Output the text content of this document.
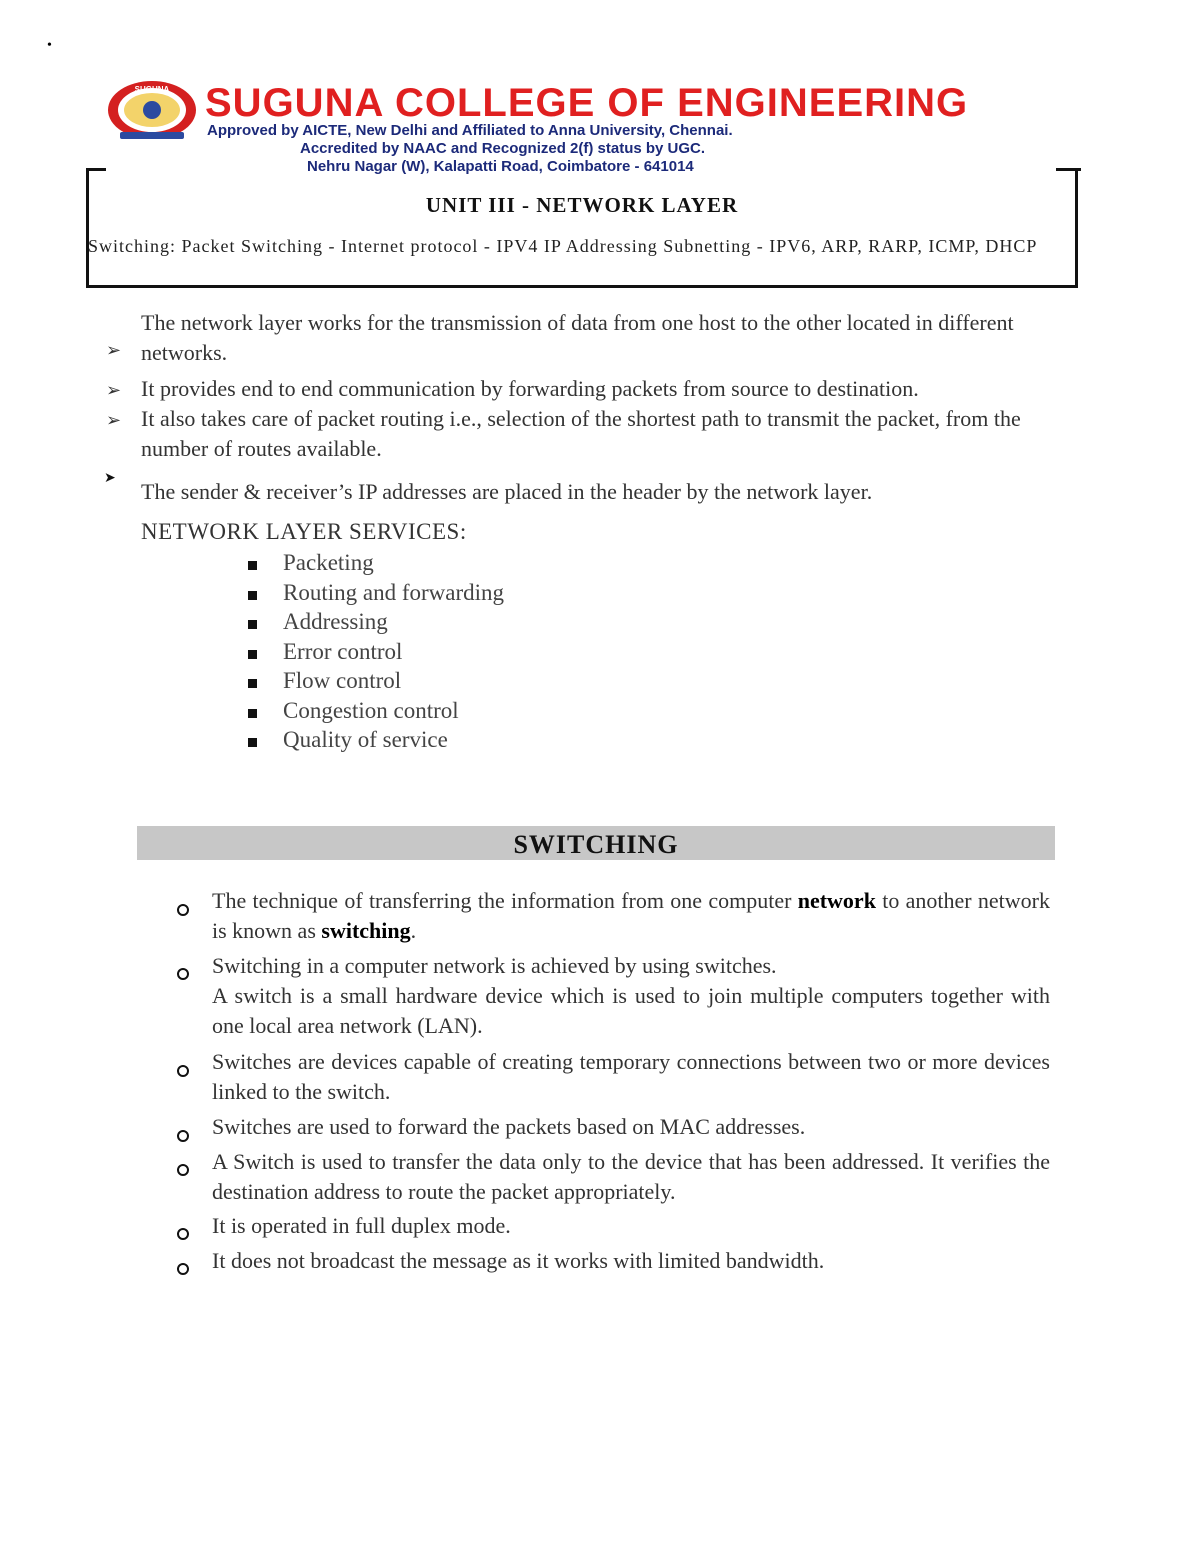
•
SUGUNA SUGUNA COLLEGE OF ENGINEERING
Approved by AICTE, New Delhi and Affiliated to Anna University, Chennai.
Accredited by NAAC and Recognized 2(f) status by UGC.
Nehru Nagar (W), Kalapatti Road, Coimbatore - 641014
UNIT III - NETWORK LAYER
Switching: Packet Switching - Internet protocol - IPV4 IP Addressing Subnetting - IPV6, ARP, RARP, ICMP, DHCP
➢
The network layer works for the transmission of data from one host to the other located in different networks.
➢ It provides end to end communication by forwarding packets from source to destination.
➢ It also takes care of packet routing i.e., selection of the shortest path to transmit the packet, from the number of routes available.
➤
The sender & receiver’s IP addresses are placed in the header by the network layer.
NETWORK LAYER SERVICES:
Packeting
Routing and forwarding
Addressing
Error control
Flow control
Congestion control
Quality of service
SWITCHING
The technique of transferring the information from one computer network to another network is known as switching.
Switching in a computer network is achieved by using switches.
A switch is a small hardware device which is used to join multiple computers together with one local area network (LAN).
Switches are devices capable of creating temporary connections between two or more devices linked to the switch.
Switches are used to forward the packets based on MAC addresses.
A Switch is used to transfer the data only to the device that has been addressed. It verifies the destination address to route the packet appropriately.
It is operated in full duplex mode.
It does not broadcast the message as it works with limited bandwidth.
